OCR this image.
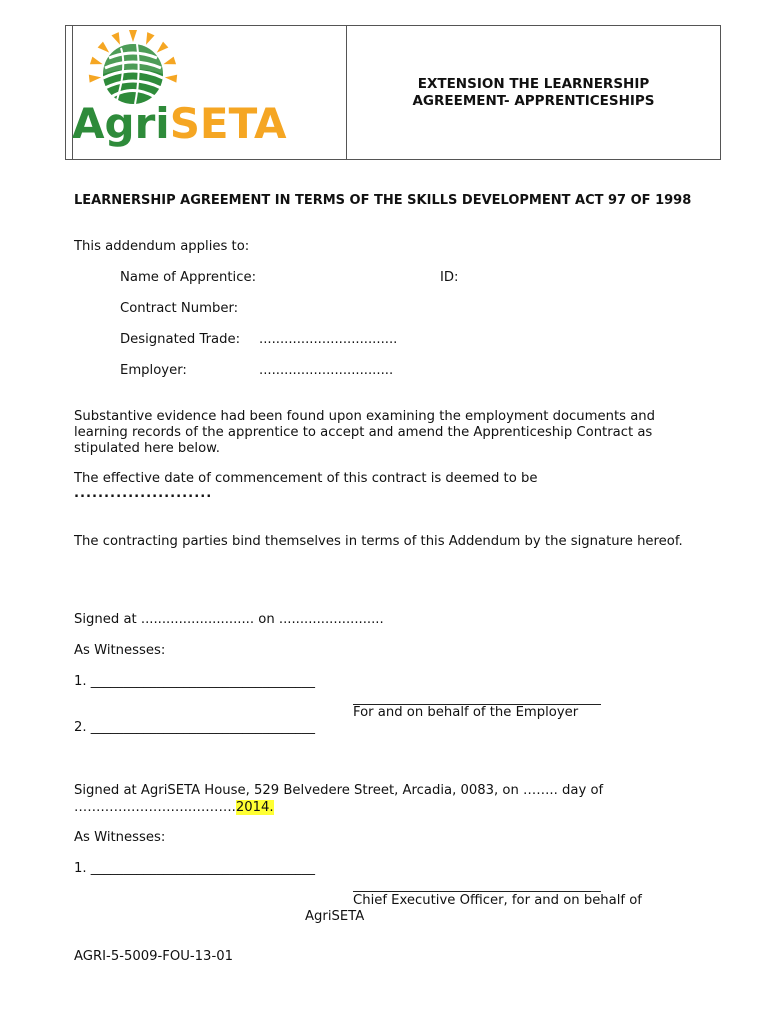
AgriSETA
EXTENSION THE LEARNERSHIP
AGREEMENT- APPRENTICESHIPS
LEARNERSHIP AGREEMENT IN TERMS OF THE SKILLS DEVELOPMENT ACT 97 OF 1998
This addendum applies to:
Name of Apprentice:	ID:
Contract Number:
Designated Trade: .................................
Employer:	................................
Substantive evidence had been found upon examining the employment documents and learning records of the apprentice to accept and amend the Apprenticeship Contract as stipulated here below.
The effective date of commencement of this contract is deemed to be
.......................
The contracting parties bind themselves in terms of this Addendum by the signature hereof.
Signed at ........................... on .........................
As Witnesses:
1. __________________________________
For and on behalf of the Employer
2. __________________________________
Signed at AgriSETA House, 529 Belvedere Street, Arcadia, 0083, on …….. day of
………….…………..……….2014.
As Witnesses:
1. __________________________________
Chief Executive Officer, for and on behalf of
AgriSETA
AGRI-5-5009-FOU-13-01
